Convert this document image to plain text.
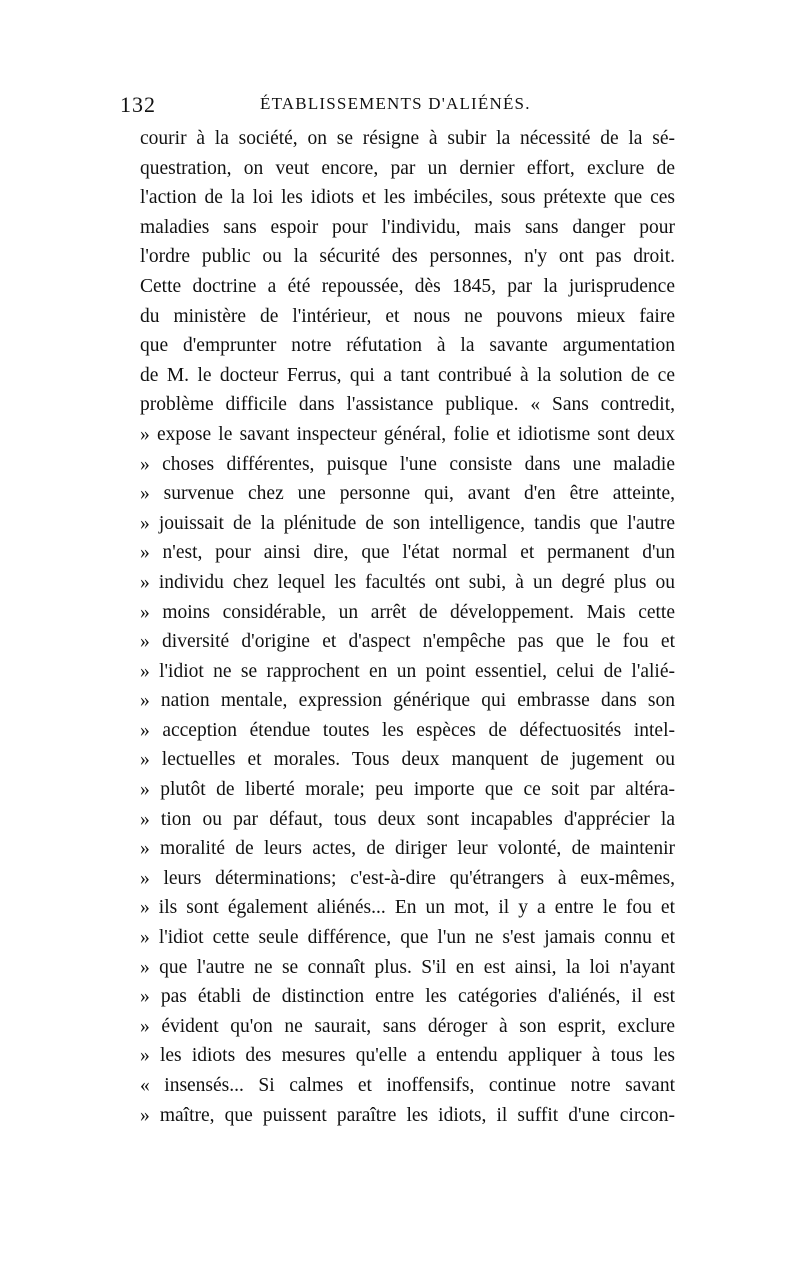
132	ÉTABLISSEMENTS D'ALIÉNÉS.
courir à la société, on se résigne à subir la nécessité de la sé-
questration, on veut encore, par un dernier effort, exclure de
l'action de la loi les idiots et les imbéciles, sous prétexte que ces
maladies sans espoir pour l'individu, mais sans danger pour
l'ordre public ou la sécurité des personnes, n'y ont pas droit.
Cette doctrine a été repoussée, dès 1845, par la jurisprudence
du ministère de l'intérieur, et nous ne pouvons mieux faire
que d'emprunter notre réfutation à la savante argumentation
de M. le docteur Ferrus, qui a tant contribué à la solution de ce
problème difficile dans l'assistance publique. « Sans contredit,
» expose le savant inspecteur général, folie et idiotisme sont deux
» choses différentes, puisque l'une consiste dans une maladie
» survenue chez une personne qui, avant d'en être atteinte,
» jouissait de la plénitude de son intelligence, tandis que l'autre
» n'est, pour ainsi dire, que l'état normal et permanent d'un
» individu chez lequel les facultés ont subi, à un degré plus ou
» moins considérable, un arrêt de développement. Mais cette
» diversité d'origine et d'aspect n'empêche pas que le fou et
» l'idiot ne se rapprochent en un point essentiel, celui de l'alié-
» nation mentale, expression générique qui embrasse dans son
» acception étendue toutes les espèces de défectuosités intel-
» lectuelles et morales. Tous deux manquent de jugement ou
» plutôt de liberté morale; peu importe que ce soit par altéra-
» tion ou par défaut, tous deux sont incapables d'apprécier la
» moralité de leurs actes, de diriger leur volonté, de maintenir
» leurs déterminations; c'est-à-dire qu'étrangers à eux-mêmes,
» ils sont également aliénés... En un mot, il y a entre le fou et
» l'idiot cette seule différence, que l'un ne s'est jamais connu et
» que l'autre ne se connaît plus. S'il en est ainsi, la loi n'ayant
» pas établi de distinction entre les catégories d'aliénés, il est
» évident qu'on ne saurait, sans déroger à son esprit, exclure
» les idiots des mesures qu'elle a entendu appliquer à tous les
« insensés... Si calmes et inoffensifs, continue notre savant
» maître, que puissent paraître les idiots, il suffit d'une circon-
